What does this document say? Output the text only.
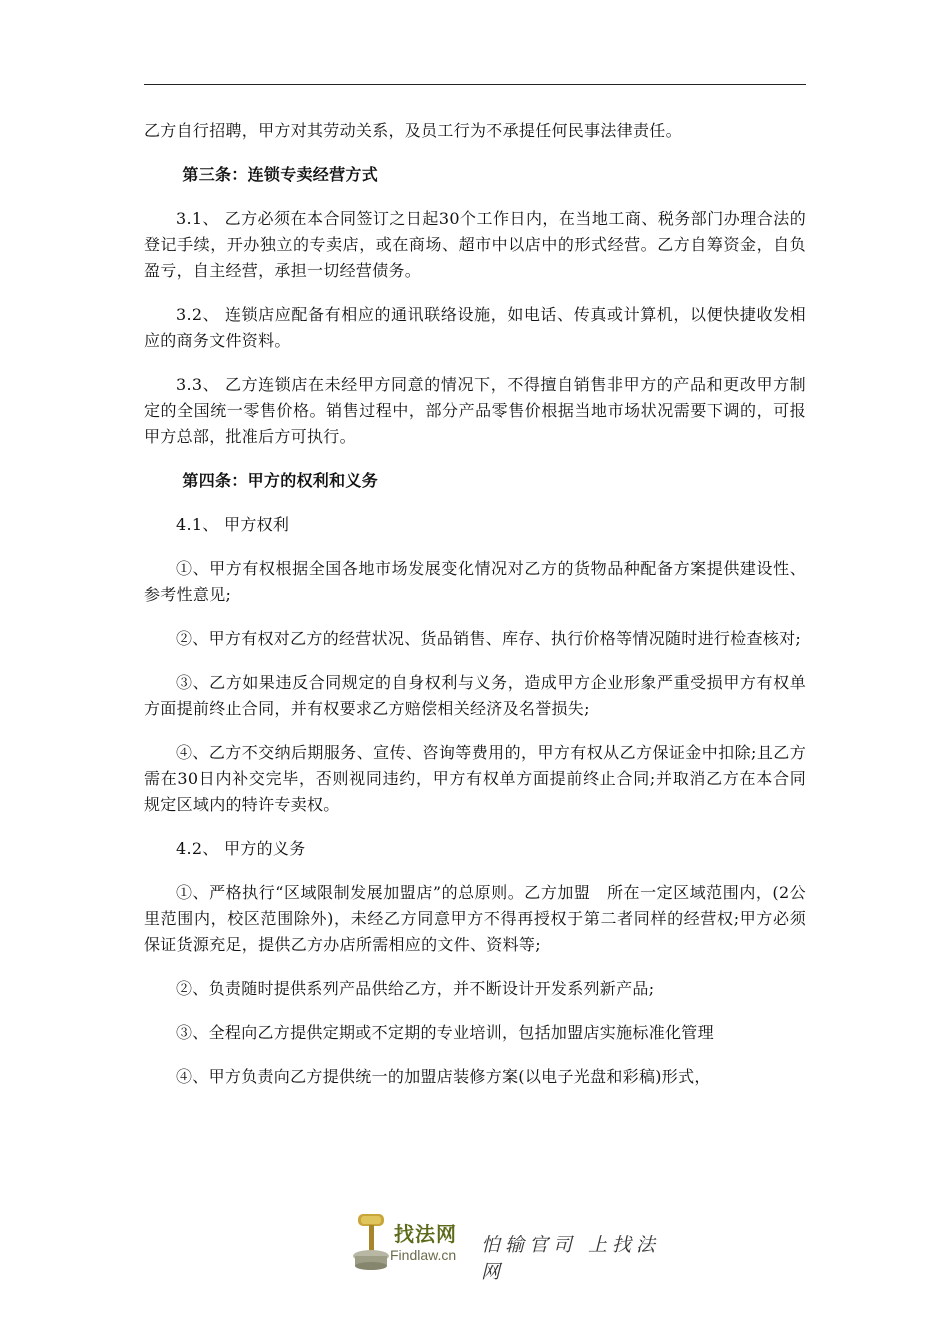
乙方自行招聘，甲方对其劳动关系，及员工行为不承提任何民事法律责任。

第三条：连锁专卖经营方式

3.1、 乙方必须在本合同签订之日起30个工作日内，在当地工商、税务部门办理合法的登记手续，开办独立的专卖店，或在商场、超市中以店中的形式经营。乙方自筹资金，自负盈亏，自主经营，承担一切经营债务。

3.2、 连锁店应配备有相应的通讯联络设施，如电话、传真或计算机，以便快捷收发相应的商务文件资料。

3.3、 乙方连锁店在未经甲方同意的情况下，不得擅自销售非甲方的产品和更改甲方制定的全国统一零售价格。销售过程中，部分产品零售价根据当地市场状况需要下调的，可报甲方总部，批准后方可执行。

第四条：甲方的权利和义务

4.1、 甲方权利

①、甲方有权根据全国各地市场发展变化情况对乙方的货物品种配备方案提供建设性、参考性意见;

②、甲方有权对乙方的经营状况、货品销售、库存、执行价格等情况随时进行检查核对;

③、乙方如果违反合同规定的自身权利与义务，造成甲方企业形象严重受损甲方有权单方面提前终止合同，并有权要求乙方赔偿相关经济及名誉损失;

④、乙方不交纳后期服务、宣传、咨询等费用的，甲方有权从乙方保证金中扣除;且乙方需在30日内补交完毕，否则视同违约，甲方有权单方面提前终止合同;并取消乙方在本合同规定区域内的特许专卖权。

4.2、 甲方的义务

①、严格执行“区域限制发展加盟店”的总原则。乙方加盟　所在一定区域范围内，(2公里范围内，校区范围除外)，未经乙方同意甲方不得再授权于第二者同样的经营权;甲方必须保证货源充足，提供乙方办店所需相应的文件、资料等;

②、负责随时提供系列产品供给乙方，并不断设计开发系列新产品;

③、全程向乙方提供定期或不定期的专业培训，包括加盟店实施标准化管理

④、甲方负责向乙方提供统一的加盟店装修方案(以电子光盘和彩稿)形式，

找法网
Findlaw.cn 怕输官司 上找法网
